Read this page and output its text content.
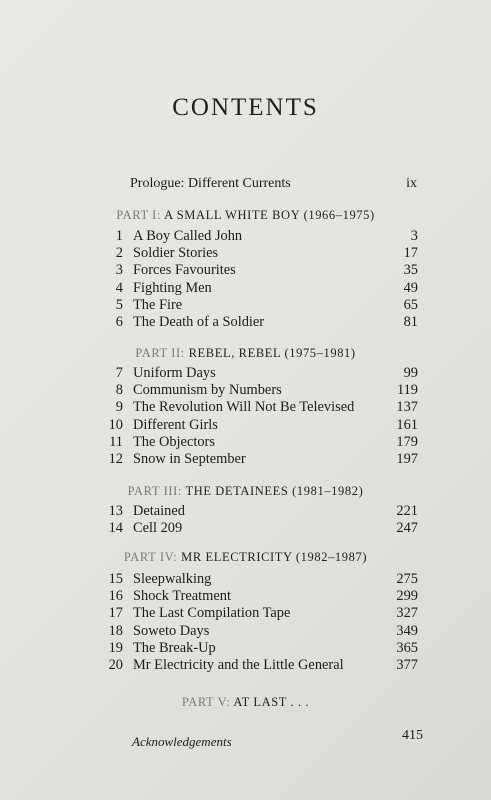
CONTENTS
Prologue: Different Currents	ix
PART I: A SMALL WHITE BOY (1966–1975)
1 A Boy Called John	3
2 Soldier Stories	17
3 Forces Favourites	35
4 Fighting Men	49
5 The Fire	65
6 The Death of a Soldier	81
PART II: REBEL, REBEL (1975–1981)
7 Uniform Days	99
8 Communism by Numbers	119
9 The Revolution Will Not Be Televised	137
10 Different Girls	161
11 The Objectors	179
12 Snow in September	197
PART III: THE DETAINEES (1981–1982)
13 Detained	221
14 Cell 209	247
PART IV: MR ELECTRICITY (1982–1987)
15 Sleepwalking	275
16 Shock Treatment	299
17 The Last Compilation Tape	327
18 Soweto Days	349
19 The Break-Up	365
20 Mr Electricity and the Little General	377
PART V: AT LAST . . .
Acknowledgements	415
